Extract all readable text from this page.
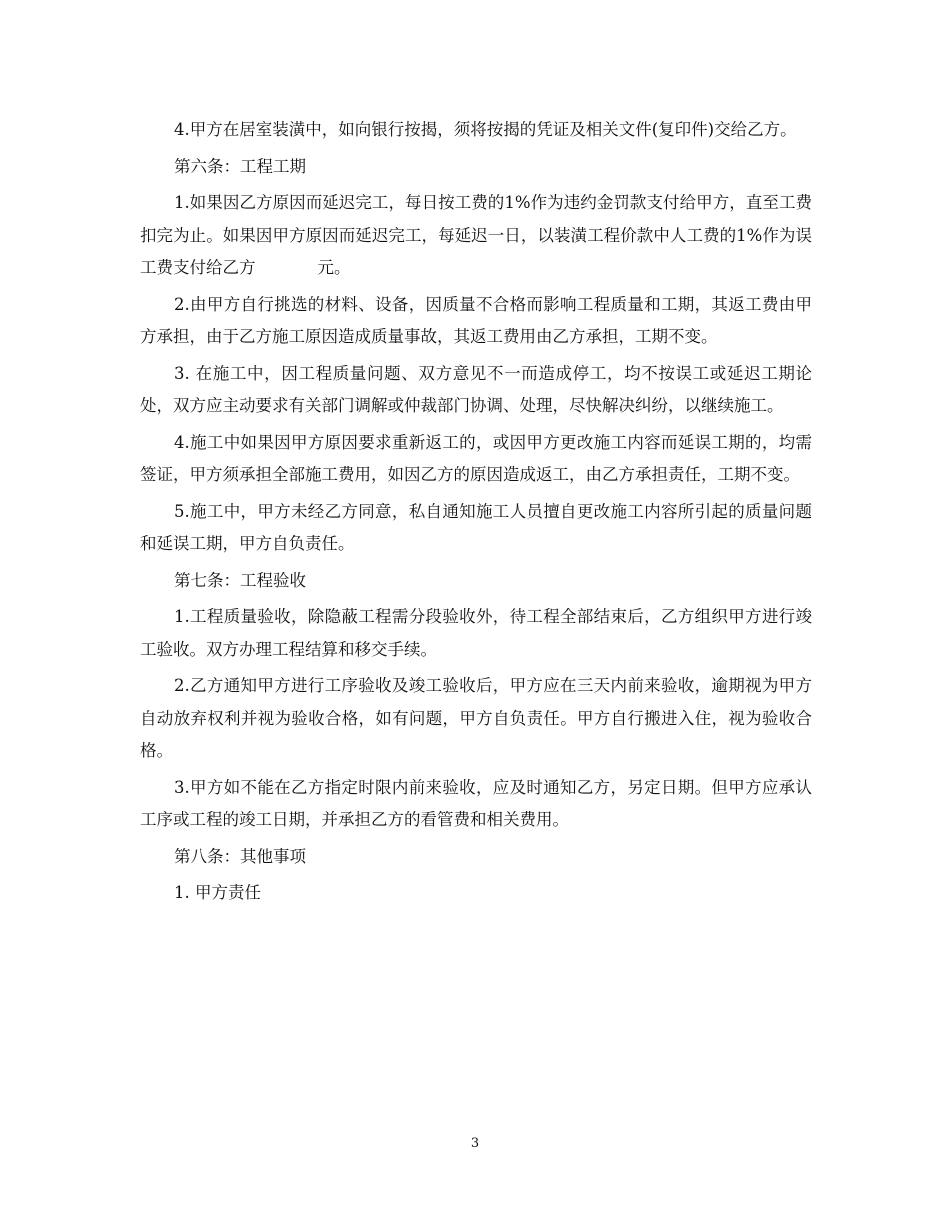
4.甲方在居室装潢中，如向银行按揭，须将按揭的凭证及相关文件(复印件)交给乙方。

第六条：工程工期

1.如果因乙方原因而延迟完工，每日按工费的1%作为违约金罚款支付给甲方，直至工费扣完为止。如果因甲方原因而延迟完工，每延迟一日，以装潢工程价款中人工费的1%作为误工费支付给乙方	元。

2.由甲方自行挑选的材料、设备，因质量不合格而影响工程质量和工期，其返工费由甲方承担，由于乙方施工原因造成质量事故，其返工费用由乙方承担，工期不变。

3. 在施工中，因工程质量问题、双方意见不一而造成停工，均不按误工或延迟工期论处，双方应主动要求有关部门调解或仲裁部门协调、处理，尽快解决纠纷，以继续施工。

4.施工中如果因甲方原因要求重新返工的，或因甲方更改施工内容而延误工期的，均需签证，甲方须承担全部施工费用，如因乙方的原因造成返工，由乙方承担责任，工期不变。

5.施工中，甲方未经乙方同意，私自通知施工人员擅自更改施工内容所引起的质量问题和延误工期，甲方自负责任。

第七条：工程验收

1.工程质量验收，除隐蔽工程需分段验收外，待工程全部结束后，乙方组织甲方进行竣工验收。双方办理工程结算和移交手续。

2.乙方通知甲方进行工序验收及竣工验收后，甲方应在三天内前来验收，逾期视为甲方自动放弃权利并视为验收合格，如有问题，甲方自负责任。甲方自行搬进入住，视为验收合格。

3.甲方如不能在乙方指定时限内前来验收，应及时通知乙方，另定日期。但甲方应承认工序或工程的竣工日期，并承担乙方的看管费和相关费用。

第八条：其他事项

1. 甲方责任

3
